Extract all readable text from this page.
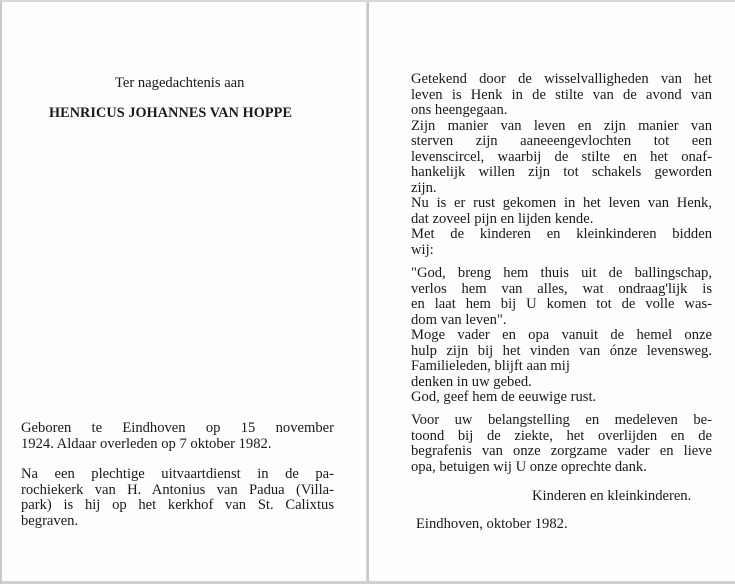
Ter nagedachtenis aan

HENRICUS JOHANNES VAN HOPPE

Geboren te Eindhoven op 15 november
1924. Aldaar overleden op 7 oktober 1982.
Na een plechtige uitvaartdienst in de pa-
rochiekerk van H. Antonius van Padua (Villa-
park) is hij op het kerkhof van St. Calixtus
begraven.
Getekend door de wisselvalligheden van het
leven is Henk in de stilte van de avond van
ons heengegaan.
Zijn manier van leven en zijn manier van
sterven zijn aaneeengevlochten tot een
levenscircel, waarbij de stilte en het onaf-
hankelijk willen zijn tot schakels geworden
zijn.
Nu is er rust gekomen in het leven van Henk,
dat zoveel pijn en lijden kende.
Met de kinderen en kleinkinderen bidden
wij:
"God, breng hem thuis uit de ballingschap,
verlos hem van alles, wat ondraag'lijk is
en laat hem bij U komen tot de volle was-
dom van leven".
Moge vader en opa vanuit de hemel onze
hulp zijn bij het vinden van ónze levensweg.
Familieleden, blijft aan mij
denken in uw gebed.
God, geef hem de eeuwige rust.
Voor uw belangstelling en medeleven be-
toond bij de ziekte, het overlijden en de
begrafenis van onze zorgzame vader en lieve
opa, betuigen wij U onze oprechte dank.

Kinderen en kleinkinderen.

Eindhoven, oktober 1982.
